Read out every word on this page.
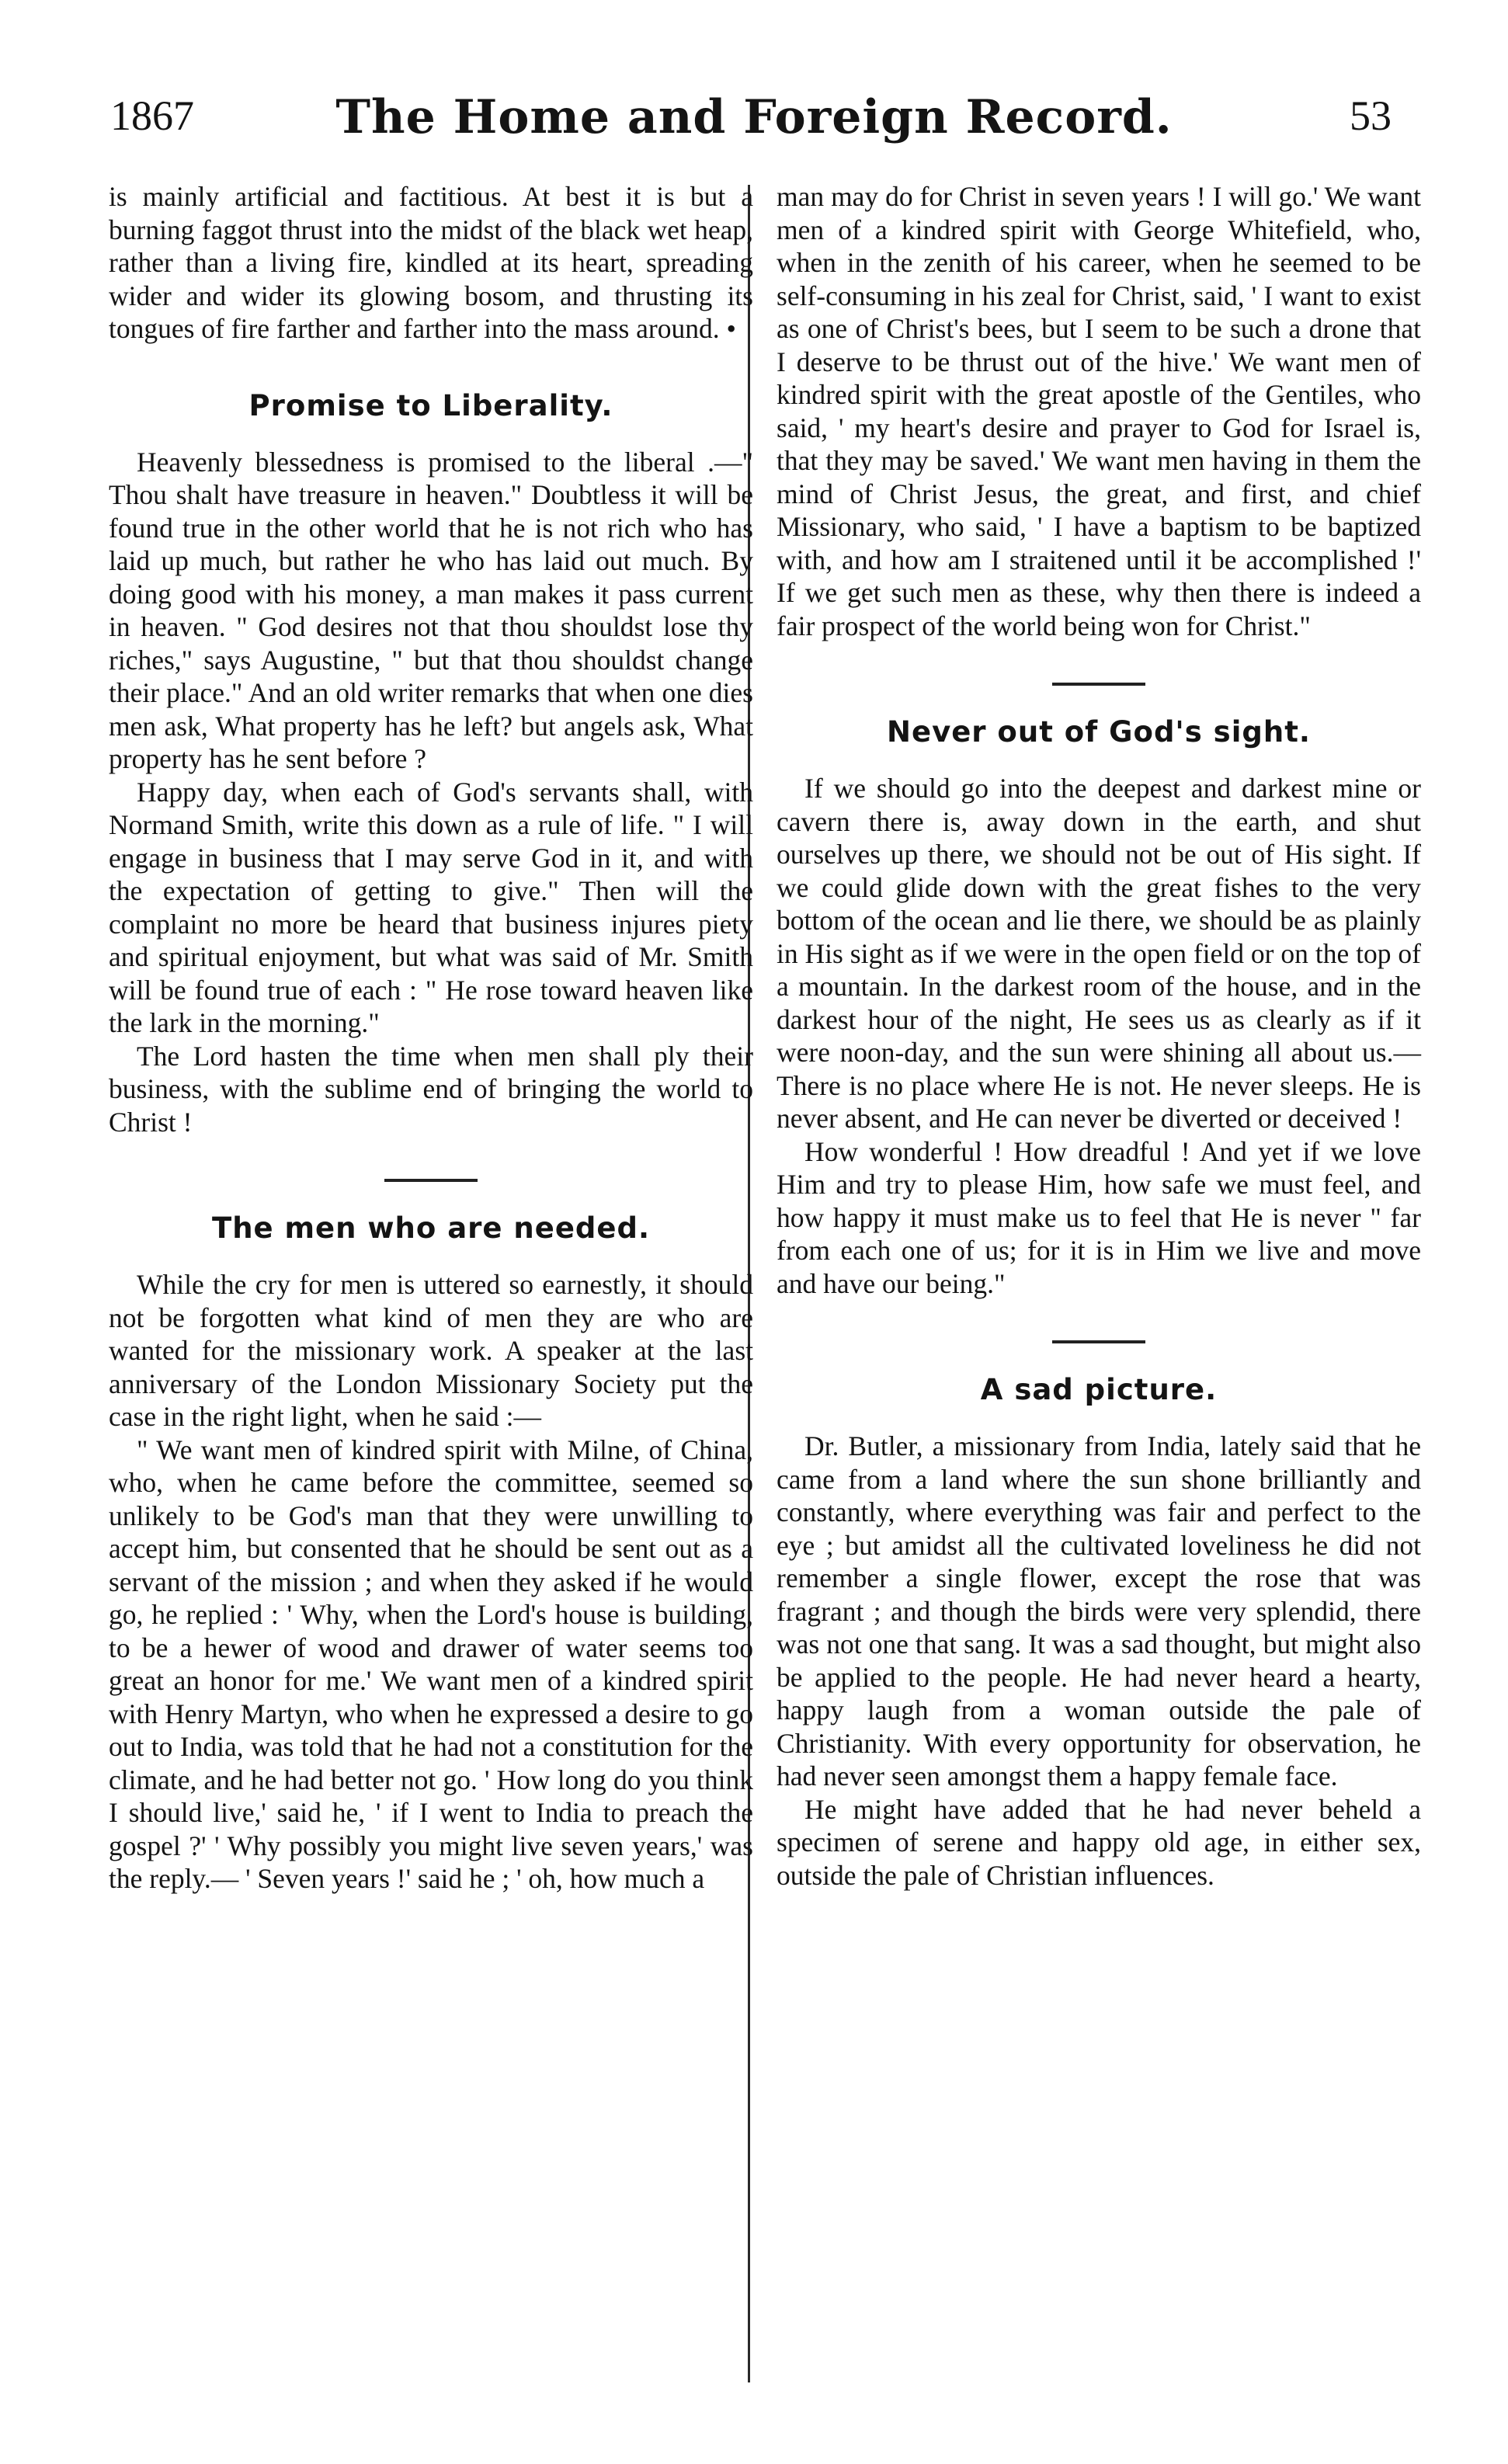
1867	The Home and Foreign Record.	53

is mainly artificial and factitious. At best it is but a burning faggot thrust into the midst of the black wet heap, rather than a living fire, kindled at its heart, spreading wider and wider its glowing bosom, and thrusting its tongues of fire farther and farther into the mass around. •

Promise to Liberality.

Heavenly blessedness is promised to the liberal .—" Thou shalt have treasure in heaven." Doubtless it will be found true in the other world that he is not rich who has laid up much, but rather he who has laid out much. By doing good with his money, a man makes it pass current in heaven. " God desires not that thou shouldst lose thy riches," says Augustine, " but that thou shouldst change their place." And an old writer remarks that when one dies men ask, What property has he left? but angels ask, What property has he sent before ?

Happy day, when each of God's servants shall, with Normand Smith, write this down as a rule of life. " I will engage in business that I may serve God in it, and with the expectation of getting to give." Then will the complaint no more be heard that business injures piety and spiritual enjoyment, but what was said of Mr. Smith will be found true of each : " He rose toward heaven like the lark in the morning."

The Lord hasten the time when men shall ply their business, with the sublime end of bringing the world to Christ !

The men who are needed.

While the cry for men is uttered so earnestly, it should not be forgotten what kind of men they are who are wanted for the missionary work. A speaker at the last anniversary of the London Missionary Society put the case in the right light, when he said :—

" We want men of kindred spirit with Milne, of China, who, when he came before the committee, seemed so unlikely to be God's man that they were unwilling to accept him, but consented that he should be sent out as a servant of the mission ; and when they asked if he would go, he replied : ' Why, when the Lord's house is building, to be a hewer of wood and drawer of water seems too great an honor for me.' We want men of a kindred spirit with Henry Martyn, who when he expressed a desire to go out to India, was told that he had not a constitution for the climate, and he had better not go. ' How long do you think I should live,' said he, ' if I went to India to preach the gospel ?' ' Why possibly you might live seven years,' was the reply.— ' Seven years !' said he ; ' oh, how much a

man may do for Christ in seven years ! I will go.' We want men of a kindred spirit with George Whitefield, who, when in the zenith of his career, when he seemed to be self-consuming in his zeal for Christ, said, ' I want to exist as one of Christ's bees, but I seem to be such a drone that I deserve to be thrust out of the hive.' We want men of kindred spirit with the great apostle of the Gentiles, who said, ' my heart's desire and prayer to God for Israel is, that they may be saved.' We want men having in them the mind of Christ Jesus, the great, and first, and chief Missionary, who said, ' I have a baptism to be baptized with, and how am I straitened until it be accomplished !' If we get such men as these, why then there is indeed a fair prospect of the world being won for Christ."

Never out of God's sight.

If we should go into the deepest and darkest mine or cavern there is, away down in the earth, and shut ourselves up there, we should not be out of His sight. If we could glide down with the great fishes to the very bottom of the ocean and lie there, we should be as plainly in His sight as if we were in the open field or on the top of a mountain. In the darkest room of the house, and in the darkest hour of the night, He sees us as clearly as if it were noon-day, and the sun were shining all about us.— There is no place where He is not. He never sleeps. He is never absent, and He can never be diverted or deceived !

How wonderful ! How dreadful ! And yet if we love Him and try to please Him, how safe we must feel, and how happy it must make us to feel that He is never " far from each one of us; for it is in Him we live and move and have our being."

A sad picture.

Dr. Butler, a missionary from India, lately said that he came from a land where the sun shone brilliantly and constantly, where everything was fair and perfect to the eye ; but amidst all the cultivated loveliness he did not remember a single flower, except the rose that was fragrant ; and though the birds were very splendid, there was not one that sang. It was a sad thought, but might also be applied to the people. He had never heard a hearty, happy laugh from a woman outside the pale of Christianity. With every opportunity for observation, he had never seen amongst them a happy female face.

He might have added that he had never beheld a specimen of serene and happy old age, in either sex, outside the pale of Christian influences.
